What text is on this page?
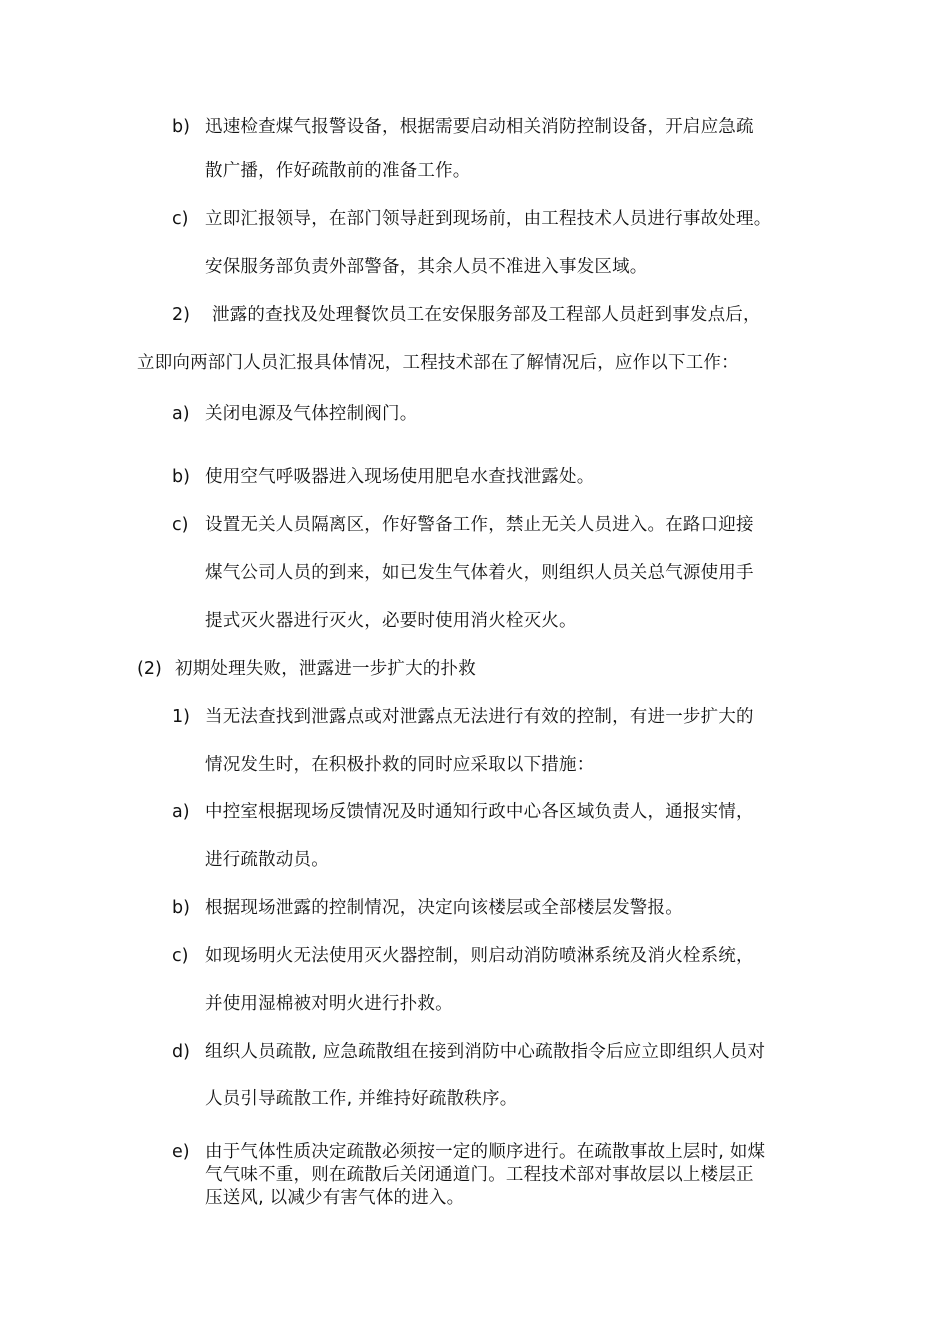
b) 迅速检查煤气报警设备，根据需要启动相关消防控制设备，开启应急疏
散广播，作好疏散前的准备工作。
c) 立即汇报领导，在部门领导赶到现场前，由工程技术人员进行事故处理。
安保服务部负责外部警备，其余人员不准进入事发区域。
2) 泄露的查找及处理餐饮员工在安保服务部及工程部人员赶到事发点后，
立即向两部门人员汇报具体情况，工程技术部在了解情况后，应作以下工作：
a) 关闭电源及气体控制阀门。
b) 使用空气呼吸器进入现场使用肥皂水查找泄露处。
c) 设置无关人员隔离区，作好警备工作，禁止无关人员进入。在路口迎接
煤气公司人员的到来，如已发生气体着火，则组织人员关总气源使用手
提式灭火器进行灭火，必要时使用消火栓灭火。
(2) 初期处理失败，泄露进一步扩大的扑救
1) 当无法查找到泄露点或对泄露点无法进行有效的控制，有进一步扩大的
情况发生时，在积极扑救的同时应采取以下措施：
a) 中控室根据现场反馈情况及时通知行政中心各区域负责人，通报实情，
进行疏散动员。
b) 根据现场泄露的控制情况，决定向该楼层或全部楼层发警报。
c) 如现场明火无法使用灭火器控制，则启动消防喷淋系统及消火栓系统，
并使用湿棉被对明火进行扑救。
d) 组织人员疏散, 应急疏散组在接到消防中心疏散指令后应立即组织人员对
人员引导疏散工作, 并维持好疏散秩序。
e) 由于气体性质决定疏散必须按一定的顺序进行。在疏散事故上层时, 如煤
气气味不重，则在疏散后关闭通道门。工程技术部对事故层以上楼层正
压送风, 以减少有害气体的进入。
